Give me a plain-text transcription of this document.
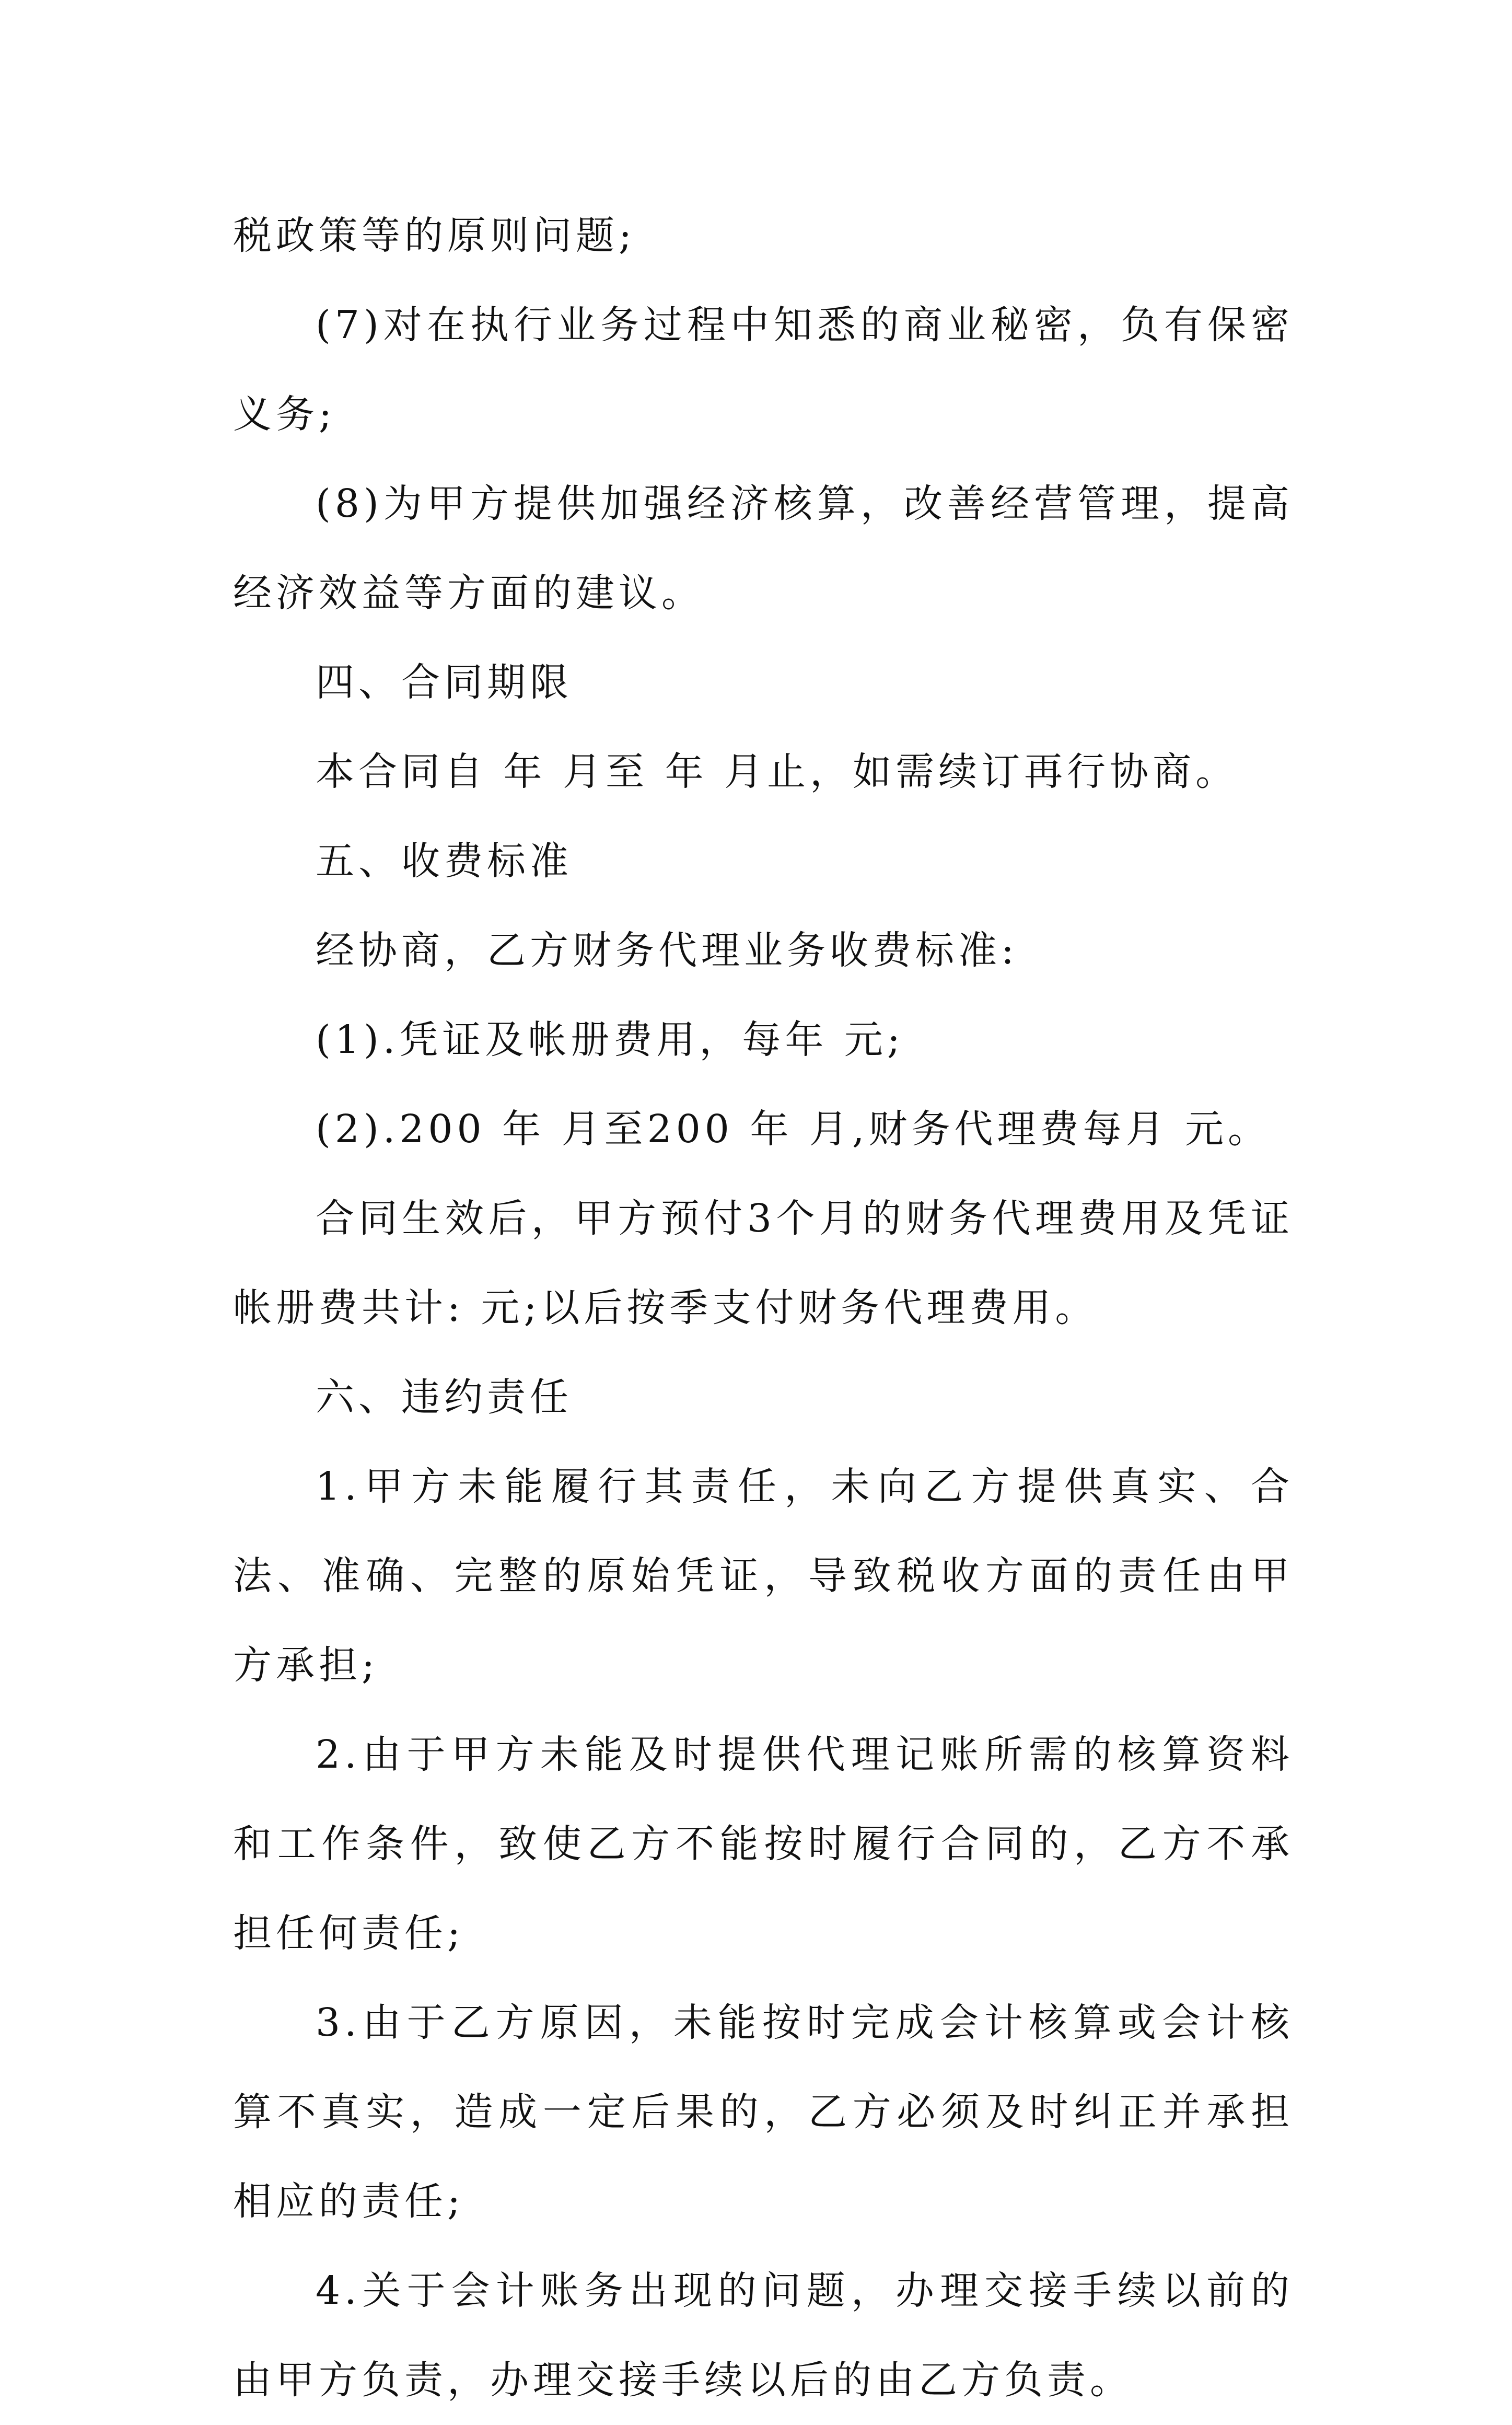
税政策等的原则问题;

(7)对在执行业务过程中知悉的商业秘密，负有保密义务;

(8)为甲方提供加强经济核算，改善经营管理，提高经济效益等方面的建议。

四、合同期限

本合同自 年 月至 年 月止，如需续订再行协商。

五、收费标准

经协商，乙方财务代理业务收费标准:

(1).凭证及帐册费用，每年 元;

(2).200 年 月至200 年 月,财务代理费每月 元。

合同生效后，甲方预付3个月的财务代理费用及凭证帐册费共计: 元;以后按季支付财务代理费用。

六、违约责任

1.甲方未能履行其责任，未向乙方提供真实、合法、准确、完整的原始凭证，导致税收方面的责任由甲方承担;

2.由于甲方未能及时提供代理记账所需的核算资料和工作条件，致使乙方不能按时履行合同的，乙方不承担任何责任;

3.由于乙方原因，未能按时完成会计核算或会计核算不真实，造成一定后果的，乙方必须及时纠正并承担相应的责任;

4.关于会计账务出现的问题，办理交接手续以前的由甲方负责，办理交接手续以后的由乙方负责。
